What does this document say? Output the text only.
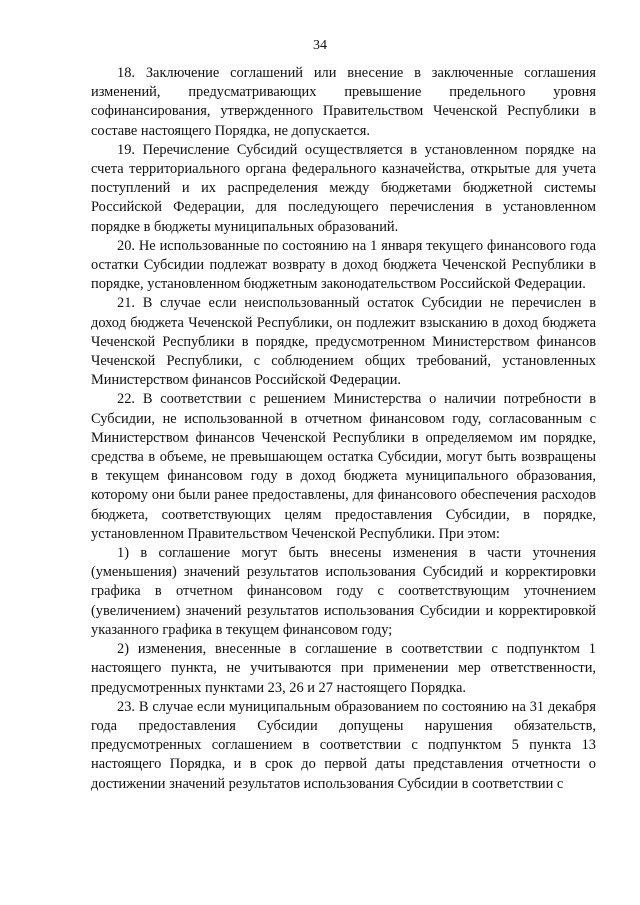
34

18. Заключение соглашений или внесение в заключенные соглашения изменений, предусматривающих превышение предельного уровня софинансирования, утвержденного Правительством Чеченской Республики в составе настоящего Порядка, не допускается.

19. Перечисление Субсидий осуществляется в установленном порядке на счета территориального органа федерального казначейства, открытые для учета поступлений и их распределения между бюджетами бюджетной системы Российской Федерации, для последующего перечисления в установленном порядке в бюджеты муниципальных образований.

20. Не использованные по состоянию на 1 января текущего финансового года остатки Субсидии подлежат возврату в доход бюджета Чеченской Республики в порядке, установленном бюджетным законодательством Российской Федерации.

21. В случае если неиспользованный остаток Субсидии не перечислен в доход бюджета Чеченской Республики, он подлежит взысканию в доход бюджета Чеченской Республики в порядке, предусмотренном Министерством финансов Чеченской Республики, с соблюдением общих требований, установленных Министерством финансов Российской Федерации.

22. В соответствии с решением Министерства о наличии потребности в Субсидии, не использованной в отчетном финансовом году, согласованным с Министерством финансов Чеченской Республики в определяемом им порядке, средства в объеме, не превышающем остатка Субсидии, могут быть возвращены в текущем финансовом году в доход бюджета муниципального образования, которому они были ранее предоставлены, для финансового обеспечения расходов бюджета, соответствующих целям предоставления Субсидии, в порядке, установленном Правительством Чеченской Республики. При этом:

1) в соглашение могут быть внесены изменения в части уточнения (уменьшения) значений результатов использования Субсидий и корректировки графика в отчетном финансовом году с соответствующим уточнением (увеличением) значений результатов использования Субсидии и корректировкой указанного графика в текущем финансовом году;

2) изменения, внесенные в соглашение в соответствии с подпунктом 1 настоящего пункта, не учитываются при применении мер ответственности, предусмотренных пунктами 23, 26 и 27 настоящего Порядка.

23. В случае если муниципальным образованием по состоянию на 31 декабря года предоставления Субсидии допущены нарушения обязательств, предусмотренных соглашением в соответствии с подпунктом 5 пункта 13 настоящего Порядка, и в срок до первой даты представления отчетности о достижении значений результатов использования Субсидии в соответствии с
